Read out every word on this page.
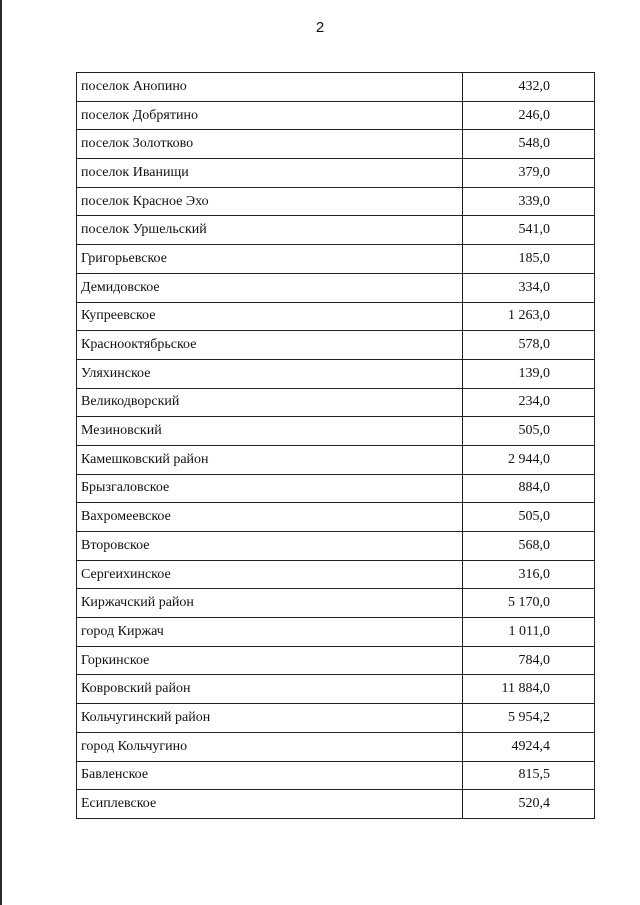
2
поселок Анопино	432,0
поселок Добрятино	246,0
поселок Золотково	548,0
поселок Иванищи	379,0
поселок Красное Эхо	339,0
поселок Уршельский	541,0
Григорьевское	185,0
Демидовское	334,0
Купреевское	1 263,0
Краснооктябрьское	578,0
Уляхинское	139,0
Великодворский	234,0
Мезиновский	505,0
Камешковский район	2 944,0
Брызгаловское	884,0
Вахромеевское	505,0
Второвское	568,0
Сергеихинское	316,0
Киржачский район	5 170,0
город Киржач	1 011,0
Горкинское	784,0
Ковровский район	11 884,0
Кольчугинский район	5 954,2
город Кольчугино	4924,4
Бавленское	815,5
Есиплевское	520,4
